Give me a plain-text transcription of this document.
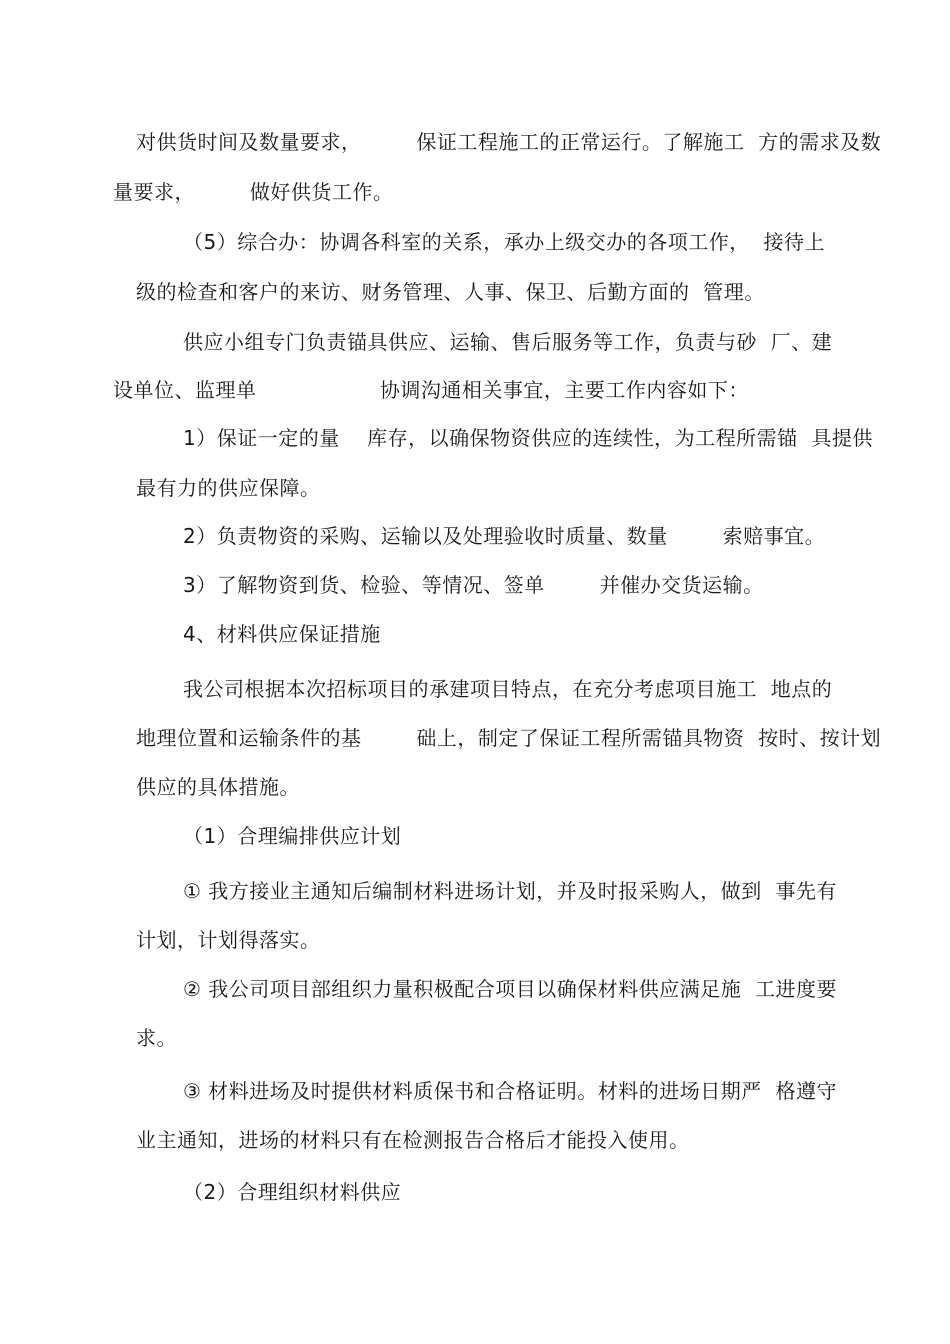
对供货时间及数量要求，        保证工程施工的正常运行。了解施工  方的需求及数
量要求，        做好供货工作。
（5）综合办：协调各科室的关系，承办上级交办的各项工作，  接待上
级的检查和客户的来访、财务管理、人事、保卫、后勤方面的  管理。
供应小组专门负责锚具供应、运输、售后服务等工作，负责与砂  厂、建
设单位、监理单                  协调沟通相关事宜，主要工作内容如下：
1）保证一定的量    库存，以确保物资供应的连续性，为工程所需锚  具提供
最有力的供应保障。
2）负责物资的采购、运输以及处理验收时质量、数量        索赔事宜。
3）了解物资到货、检验、等情况、签单        并催办交货运输。
4、材料供应保证措施
我公司根据本次招标项目的承建项目特点，在充分考虑项目施工  地点的
地理位置和运输条件的基        础上，制定了保证工程所需锚具物资  按时、按计划
供应的具体措施。
（1）合理编排供应计划
① 我方接业主通知后编制材料进场计划，并及时报采购人，做到  事先有
计划，计划得落实。
② 我公司项目部组织力量积极配合项目以确保材料供应满足施  工进度要
求。
③ 材料进场及时提供材料质保书和合格证明。材料的进场日期严  格遵守
业主通知，进场的材料只有在检测报告合格后才能投入使用。
（2）合理组织材料供应
